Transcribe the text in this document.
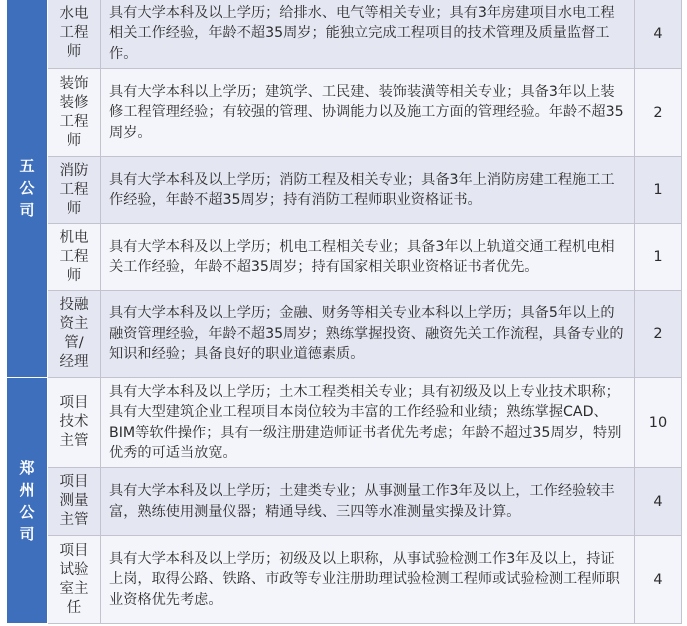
五公司	水电工程师	具有大学本科及以上学历；给排水、电气等相关专业；具有3年房建项目水电工程相关工作经验，年龄不超35周岁；能独立完成工程项目的技术管理及质量监督工作。	4

	装饰装修工程师	具有大学本科以上学历；建筑学、工民建、装饰装潢等相关专业；具备3年以上装修工程管理经验；有较强的管理、协调能力以及施工方面的管理经验。年龄不超35周岁。	2

	消防工程师	具有大学本科及以上学历；消防工程及相关专业；具备3年上消防房建工程施工工作经验，年龄不超35周岁；持有消防工程师职业资格证书。	1

	机电工程师	具有大学本科及以上学历；机电工程相关专业；具备3年以上轨道交通工程机电相关工作经验，年龄不超35周岁；持有国家相关职业资格证书者优先。	1

	投融资主管/经理	具有大学本科及以上学历；金融、财务等相关专业本科以上学历；具备5年以上的融资管理经验，年龄不超35周岁；熟练掌握投资、融资先关工作流程，具备专业的知识和经验；具备良好的职业道德素质。	2

郑州公司	项目技术主管	具有大学本科及以上学历；土木工程类相关专业；具有初级及以上专业技术职称；具有大型建筑企业工程项目本岗位较为丰富的工作经验和业绩；熟练掌握CAD、BIM等软件操作；具有一级注册建造师证书者优先考虑；年龄不超过35周岁，特别优秀的可适当放宽。	10

	项目测量主管	具有大学本科及以上学历；土建类专业；从事测量工作3年及以上，工作经验较丰富，熟练使用测量仪器；精通导线、三四等水准测量实操及计算。	4

	项目试验室主任	具有大学本科及以上学历；初级及以上职称，从事试验检测工作3年及以上，持证上岗，取得公路、铁路、市政等专业注册助理试验检测工程师或试验检测工程师职业资格优先考虑。	4
